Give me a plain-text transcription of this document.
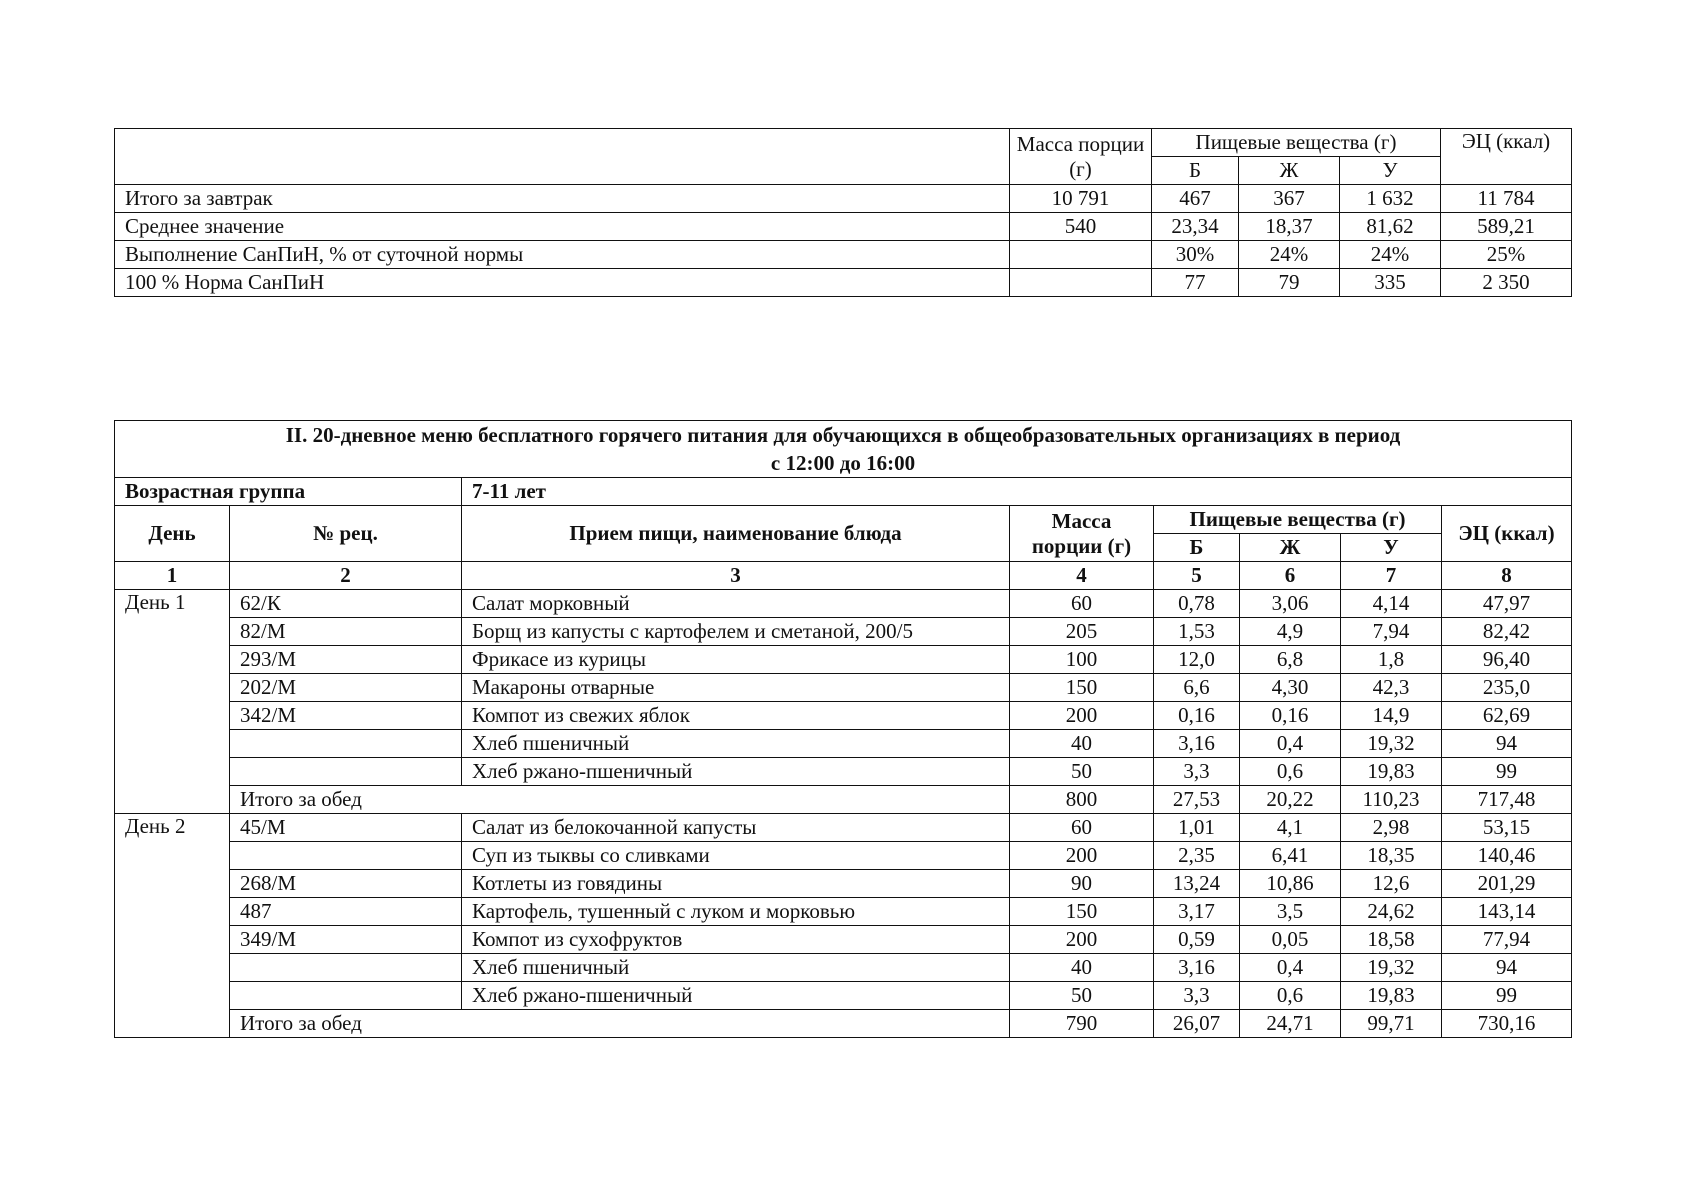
	Масса порции (г)	Пищевые вещества (г)			ЭЦ (ккал)
		Б	Ж	У	
Итого за завтрак	10 791	467	367	1 632	11 784
Среднее значение	540	23,34	18,37	81,62	589,21
Выполнение СанПиН, % от суточной нормы		30%	24%	24%	25%
100 % Норма СанПиН		77	79	335	2 350
II. 20-дневное меню бесплатного горячего питания для обучающихся в общеобразовательных организациях в период
с 12:00 до 16:00							
Возрастная группа		7-11 лет					
День	№ рец.	Прием пищи, наименование блюда	Масса порции (г)	Пищевые вещества (г)			ЭЦ (ккал)
				Б	Ж	У	
1	2	3	4	5	6	7	8
День 1	62/К	Салат морковный	60	0,78	3,06	4,14	47,97
	82/М	Борщ из капусты с картофелем и сметаной, 200/5	205	1,53	4,9	7,94	82,42
	293/М	Фрикасе из курицы	100	12,0	6,8	1,8	96,40
	202/М	Макароны отварные	150	6,6	4,30	42,3	235,0
	342/М	Компот из свежих яблок	200	0,16	0,16	14,9	62,69
		Хлеб пшеничный	40	3,16	0,4	19,32	94
		Хлеб ржано-пшеничный	50	3,3	0,6	19,83	99
	Итого за обед		800	27,53	20,22	110,23	717,48
День 2	45/М	Салат из белокочанной капусты	60	1,01	4,1	2,98	53,15
		Суп из тыквы со сливками	200	2,35	6,41	18,35	140,46
	268/М	Котлеты из говядины	90	13,24	10,86	12,6	201,29
	487	Картофель, тушенный с луком и морковью	150	3,17	3,5	24,62	143,14
	349/М	Компот из сухофруктов	200	0,59	0,05	18,58	77,94
		Хлеб пшеничный	40	3,16	0,4	19,32	94
		Хлеб ржано-пшеничный	50	3,3	0,6	19,83	99
	Итого за обед		790	26,07	24,71	99,71	730,16
